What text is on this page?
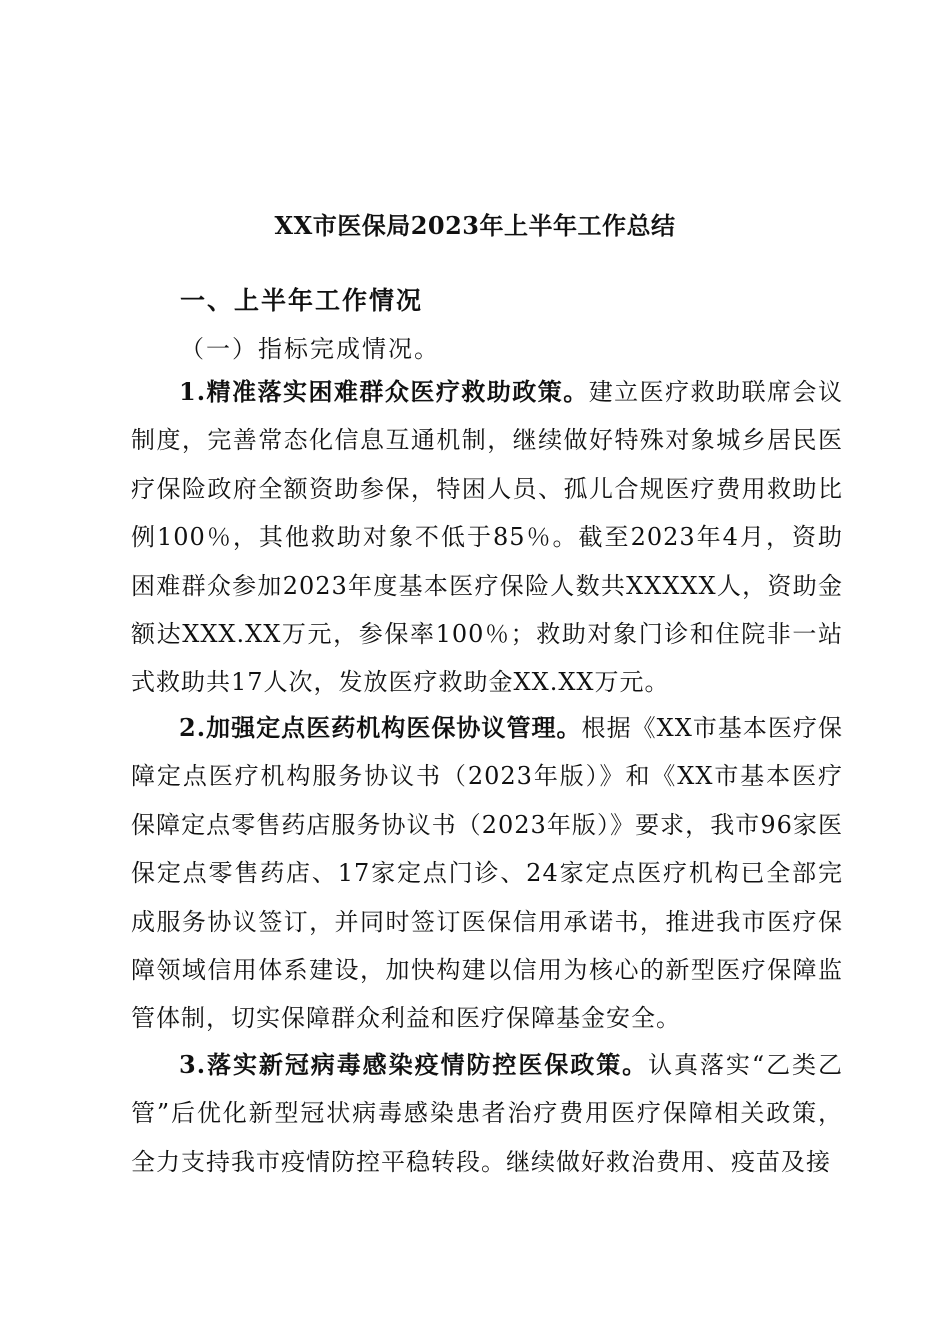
XX市医保局2023年上半年工作总结
一、上半年工作情况
（一）指标完成情况。

1.精准落实困难群众医疗救助政策。建立医疗救助联席会议制度，完善常态化信息互通机制，继续做好特殊对象城乡居民医疗保险政府全额资助参保，特困人员、孤儿合规医疗费用救助比例100％，其他救助对象不低于85％。截至2023年4月，资助困难群众参加2023年度基本医疗保险人数共XXXXX人，资助金额达XXX.XX万元，参保率100％；救助对象门诊和住院非一站式救助共17人次，发放医疗救助金XX.XX万元。

2.加强定点医药机构医保协议管理。根据《XX市基本医疗保障定点医疗机构服务协议书（2023年版）》和《XX市基本医疗保障定点零售药店服务协议书（2023年版）》要求，我市96家医保定点零售药店、17家定点门诊、24家定点医疗机构已全部完成服务协议签订，并同时签订医保信用承诺书，推进我市医疗保障领域信用体系建设，加快构建以信用为核心的新型医疗保障监管体制，切实保障群众利益和医疗保障基金安全。

3.落实新冠病毒感染疫情防控医保政策。认真落实“乙类乙管”后优化新型冠状病毒感染患者治疗费用医疗保障相关政策，全力支持我市疫情防控平稳转段。继续做好救治费用、疫苗及接
